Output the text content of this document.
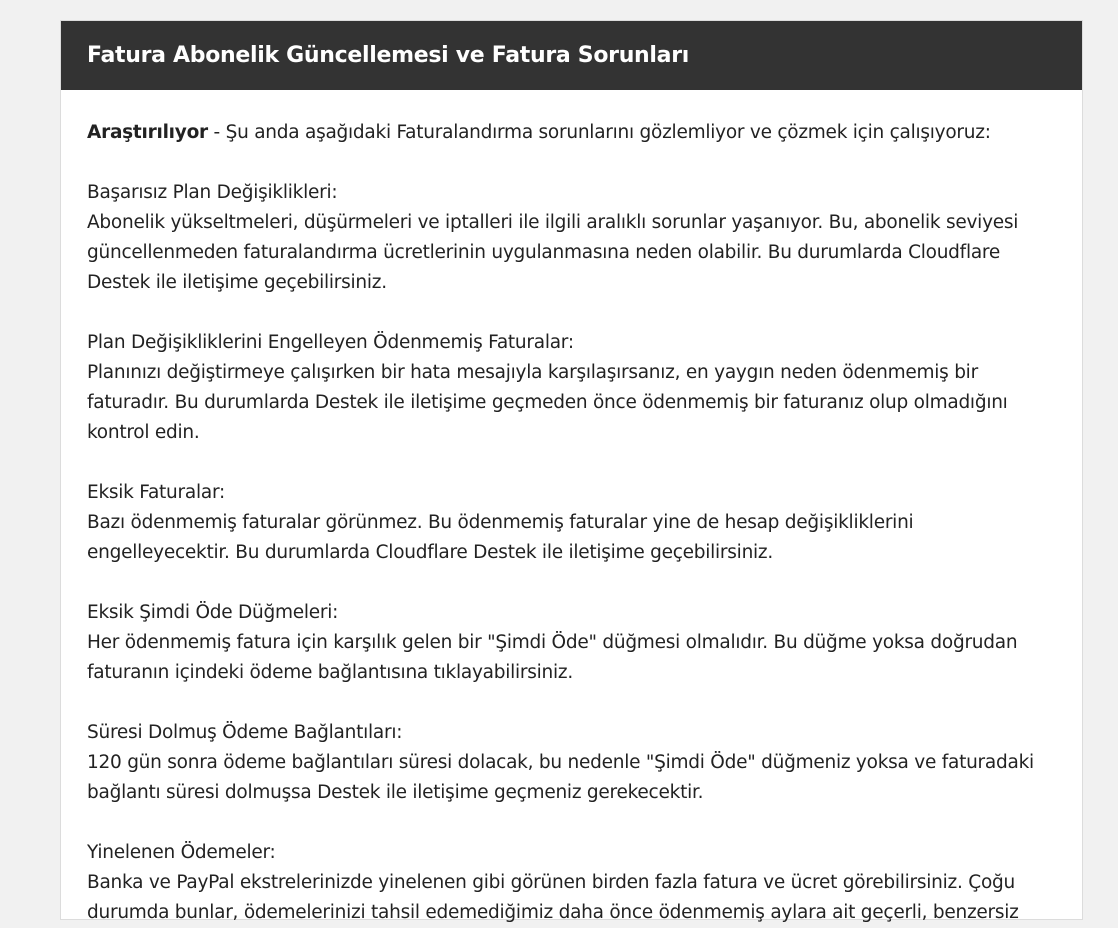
Fatura Abonelik Güncellemesi ve Fatura Sorunları

Araştırılıyor - Şu anda aşağıdaki Faturalandırma sorunlarını gözlemliyor ve çözmek için çalışıyoruz:

Başarısız Plan Değişiklikleri:

Abonelik yükseltmeleri, düşürmeleri ve iptalleri ile ilgili aralıklı sorunlar yaşanıyor. Bu, abonelik seviyesi güncellenmeden faturalandırma ücretlerinin uygulanmasına neden olabilir. Bu durumlarda Cloudflare Destek ile iletişime geçebilirsiniz.

Plan Değişikliklerini Engelleyen Ödenmemiş Faturalar:

Planınızı değiştirmeye çalışırken bir hata mesajıyla karşılaşırsanız, en yaygın neden ödenmemiş bir faturadır. Bu durumlarda Destek ile iletişime geçmeden önce ödenmemiş bir faturanız olup olmadığını kontrol edin.

Eksik Faturalar:

Bazı ödenmemiş faturalar görünmez. Bu ödenmemiş faturalar yine de hesap değişikliklerini engelleyecektir. Bu durumlarda Cloudflare Destek ile iletişime geçebilirsiniz.

Eksik Şimdi Öde Düğmeleri:

Her ödenmemiş fatura için karşılık gelen bir "Şimdi Öde" düğmesi olmalıdır. Bu düğme yoksa doğrudan faturanın içindeki ödeme bağlantısına tıklayabilirsiniz.

Süresi Dolmuş Ödeme Bağlantıları:

120 gün sonra ödeme bağlantıları süresi dolacak, bu nedenle "Şimdi Öde" düğmeniz yoksa ve faturadaki bağlantı süresi dolmuşsa Destek ile iletişime geçmeniz gerekecektir.

Yinelenen Ödemeler:

Banka ve PayPal ekstrelerinizde yinelenen gibi görünen birden fazla fatura ve ücret görebilirsiniz. Çoğu durumda bunlar, ödemelerinizi tahsil edemediğimiz daha önce ödenmemiş aylara ait geçerli, benzersiz
